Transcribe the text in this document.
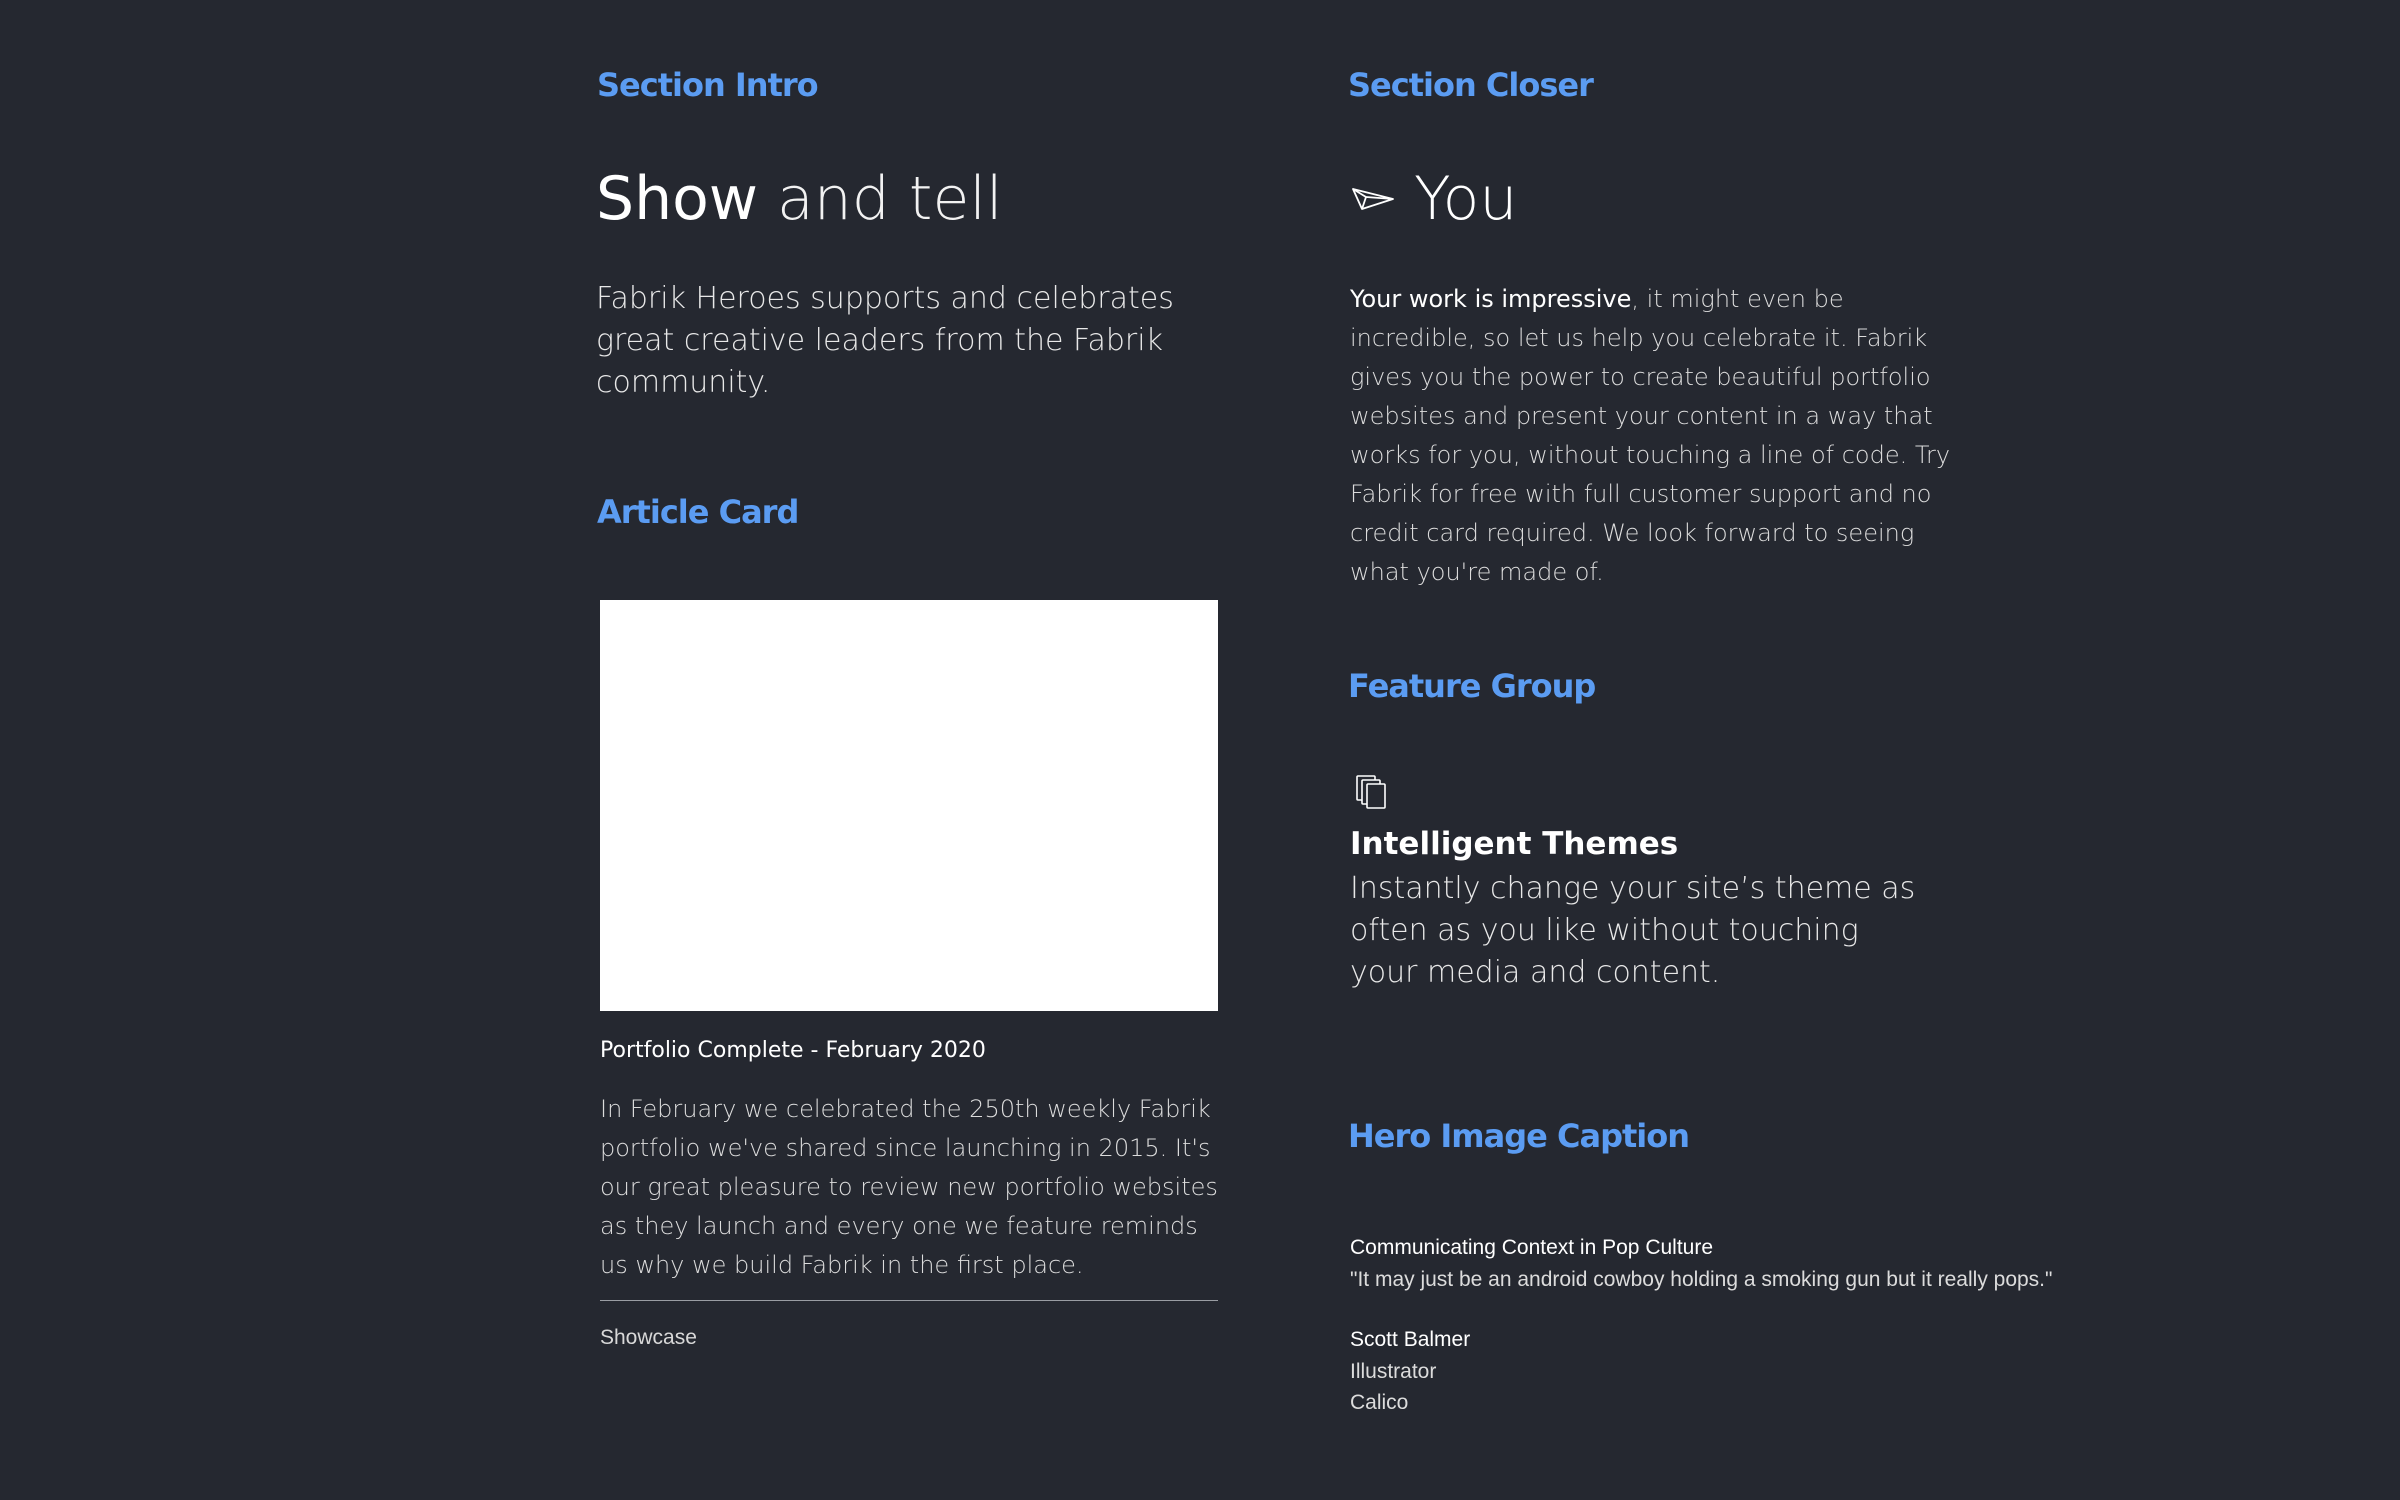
Section Intro
Show and tell

Fabrik Heroes supports and celebrates great creative leaders from the Fabrik community.

Article Card

Portfolio Complete - February 2020

In February we celebrated the 250th weekly Fabrik portfolio we've shared since launching in 2015. It's our great pleasure to review new portfolio websites as they launch and every one we feature reminds us why we build Fabrik in the first place.

Showcase
Section Closer
You

Your work is impressive, it might even be incredible, so let us help you celebrate it. Fabrik gives you the power to create beautiful portfolio websites and present your content in a way that works for you, without touching a line of code. Try Fabrik for free with full customer support and no credit card required. We look forward to seeing what you're made of.

Feature Group
Intelligent Themes

Instantly change your site’s theme as often as you like without touching your media and content.

Hero Image Caption

Communicating Context in Pop Culture

"It may just be an android cowboy holding a smoking gun but it really pops."

Scott Balmer

Illustrator

Calico
